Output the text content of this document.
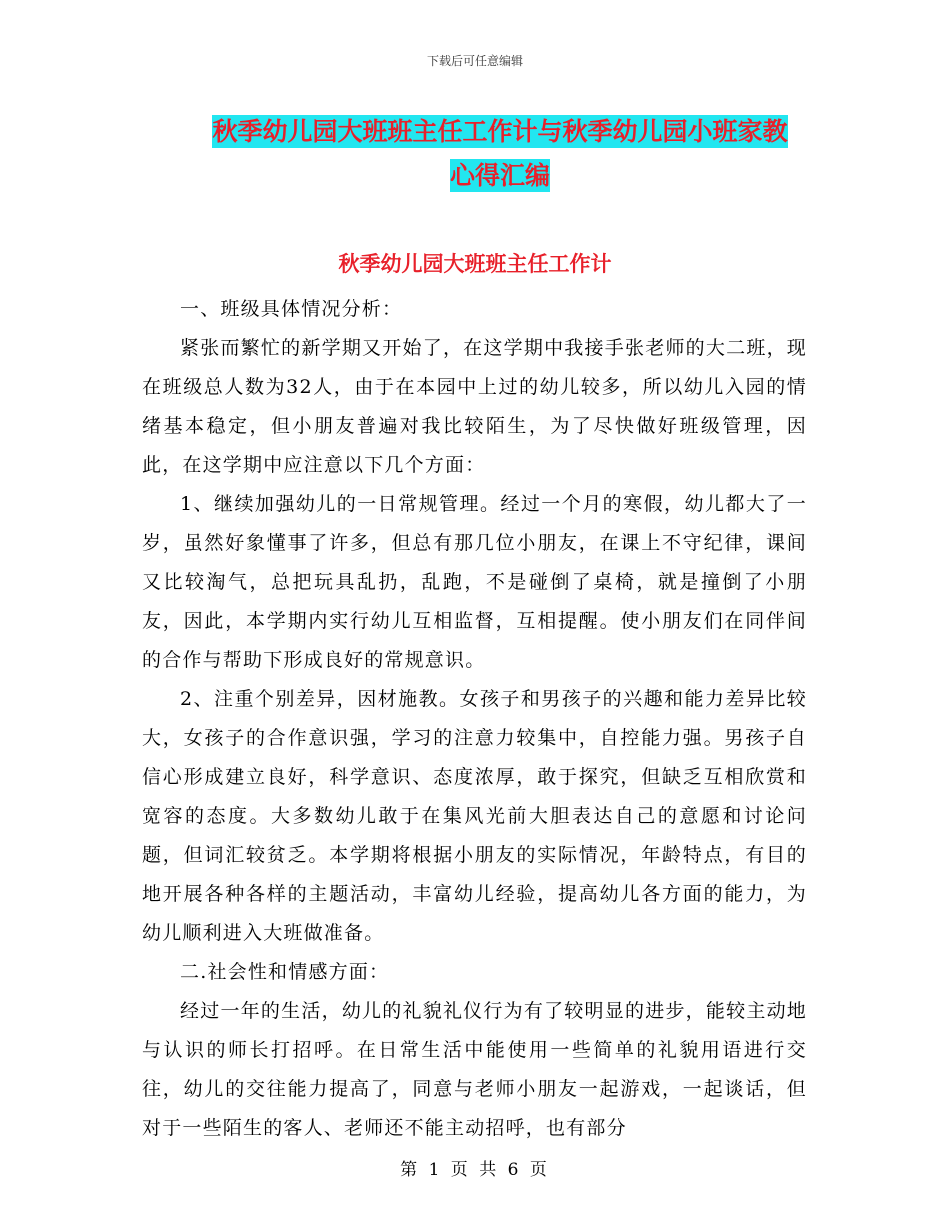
下载后可任意编辑
秋季幼儿园大班班主任工作计与秋季幼儿园小班家教
心得汇编
秋季幼儿园大班班主任工作计

一、班级具体情况分析：

紧张而繁忙的新学期又开始了，在这学期中我接手张老师的大二班，现在班级总人数为32人，由于在本园中上过的幼儿较多，所以幼儿入园的情绪基本稳定，但小朋友普遍对我比较陌生，为了尽快做好班级管理，因此，在这学期中应注意以下几个方面：

1、继续加强幼儿的一日常规管理。经过一个月的寒假，幼儿都大了一岁，虽然好象懂事了许多，但总有那几位小朋友，在课上不守纪律，课间又比较淘气，总把玩具乱扔，乱跑，不是碰倒了桌椅，就是撞倒了小朋友，因此，本学期内实行幼儿互相监督，互相提醒。使小朋友们在同伴间的合作与帮助下形成良好的常规意识。

2、注重个别差异，因材施教。女孩子和男孩子的兴趣和能力差异比较大，女孩子的合作意识强，学习的注意力较集中，自控能力强。男孩子自信心形成建立良好，科学意识、态度浓厚，敢于探究，但缺乏互相欣赏和宽容的态度。大多数幼儿敢于在集风光前大胆表达自己的意愿和讨论问题，但词汇较贫乏。本学期将根据小朋友的实际情况，年龄特点，有目的地开展各种各样的主题活动，丰富幼儿经验，提高幼儿各方面的能力，为幼儿顺利进入大班做准备。

二.社会性和情感方面：

经过一年的生活，幼儿的礼貌礼仪行为有了较明显的进步，能较主动地与认识的师长打招呼。在日常生活中能使用一些简单的礼貌用语进行交往，幼儿的交往能力提高了，同意与老师小朋友一起游戏，一起谈话，但对于一些陌生的客人、老师还不能主动招呼，也有部分

第 1 页 共 6 页
